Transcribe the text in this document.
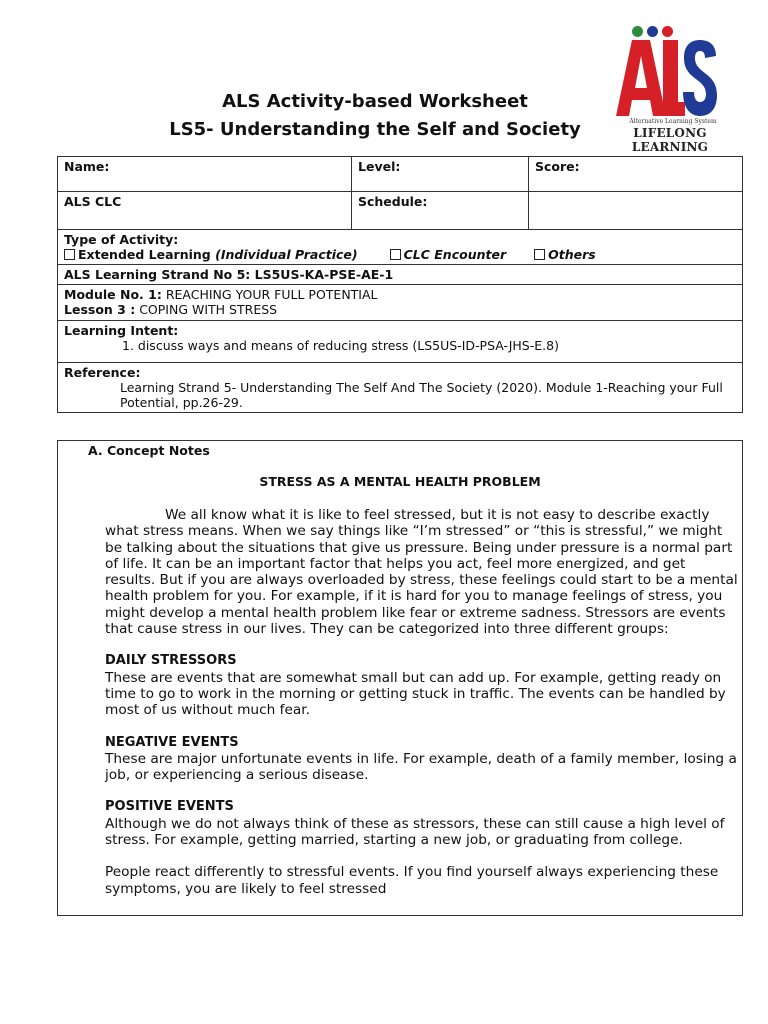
ALS Activity-based Worksheet
LS5- Understanding the Self and Society	Alternative Learning System
LIFELONG LEARNING
Name:	Level:	Score:
ALS CLC	Schedule:	

Type of Activity:
Extended Learning (Individual Practice) CLC Encounter Others		

ALS Learning Strand No 5: LS5US-KA-PSE-AE-1		

Module No. 1: REACHING YOUR FULL POTENTIAL
Lesson 3 : COPING WITH STRESS		

Learning Intent:
1. discuss ways and means of reducing stress (LS5US-ID-PSA-JHS-E.8)		

Reference:
Learning Strand 5- Understanding The Self And The Society (2020). Module 1-Reaching your Full Potential, pp.26-29.		
A. Concept Notes
STRESS AS A MENTAL HEALTH PROBLEM

We all know what it is like to feel stressed, but it is not easy to describe exactly what stress means. When we say things like “I’m stressed” or “this is stressful,” we might be talking about the situations that give us pressure. Being under pressure is a normal part of life. It can be an important factor that helps you act, feel more energized, and get results. But if you are always overloaded by stress, these feelings could start to be a mental health problem for you. For example, if it is hard for you to manage feelings of stress, you might develop a mental health problem like fear or extreme sadness. Stressors are events that cause stress in our lives. They can be categorized into three different groups:

DAILY STRESSORS

These are events that are somewhat small but can add up. For example, getting ready on time to go to work in the morning or getting stuck in traffic. The events can be handled by most of us without much fear.

NEGATIVE EVENTS

These are major unfortunate events in life. For example, death of a family member, losing a job, or experiencing a serious disease.

POSITIVE EVENTS

Although we do not always think of these as stressors, these can still cause a high level of stress. For example, getting married, starting a new job, or graduating from college.

People react differently to stressful events. If you find yourself always experiencing these symptoms, you are likely to feel stressed
